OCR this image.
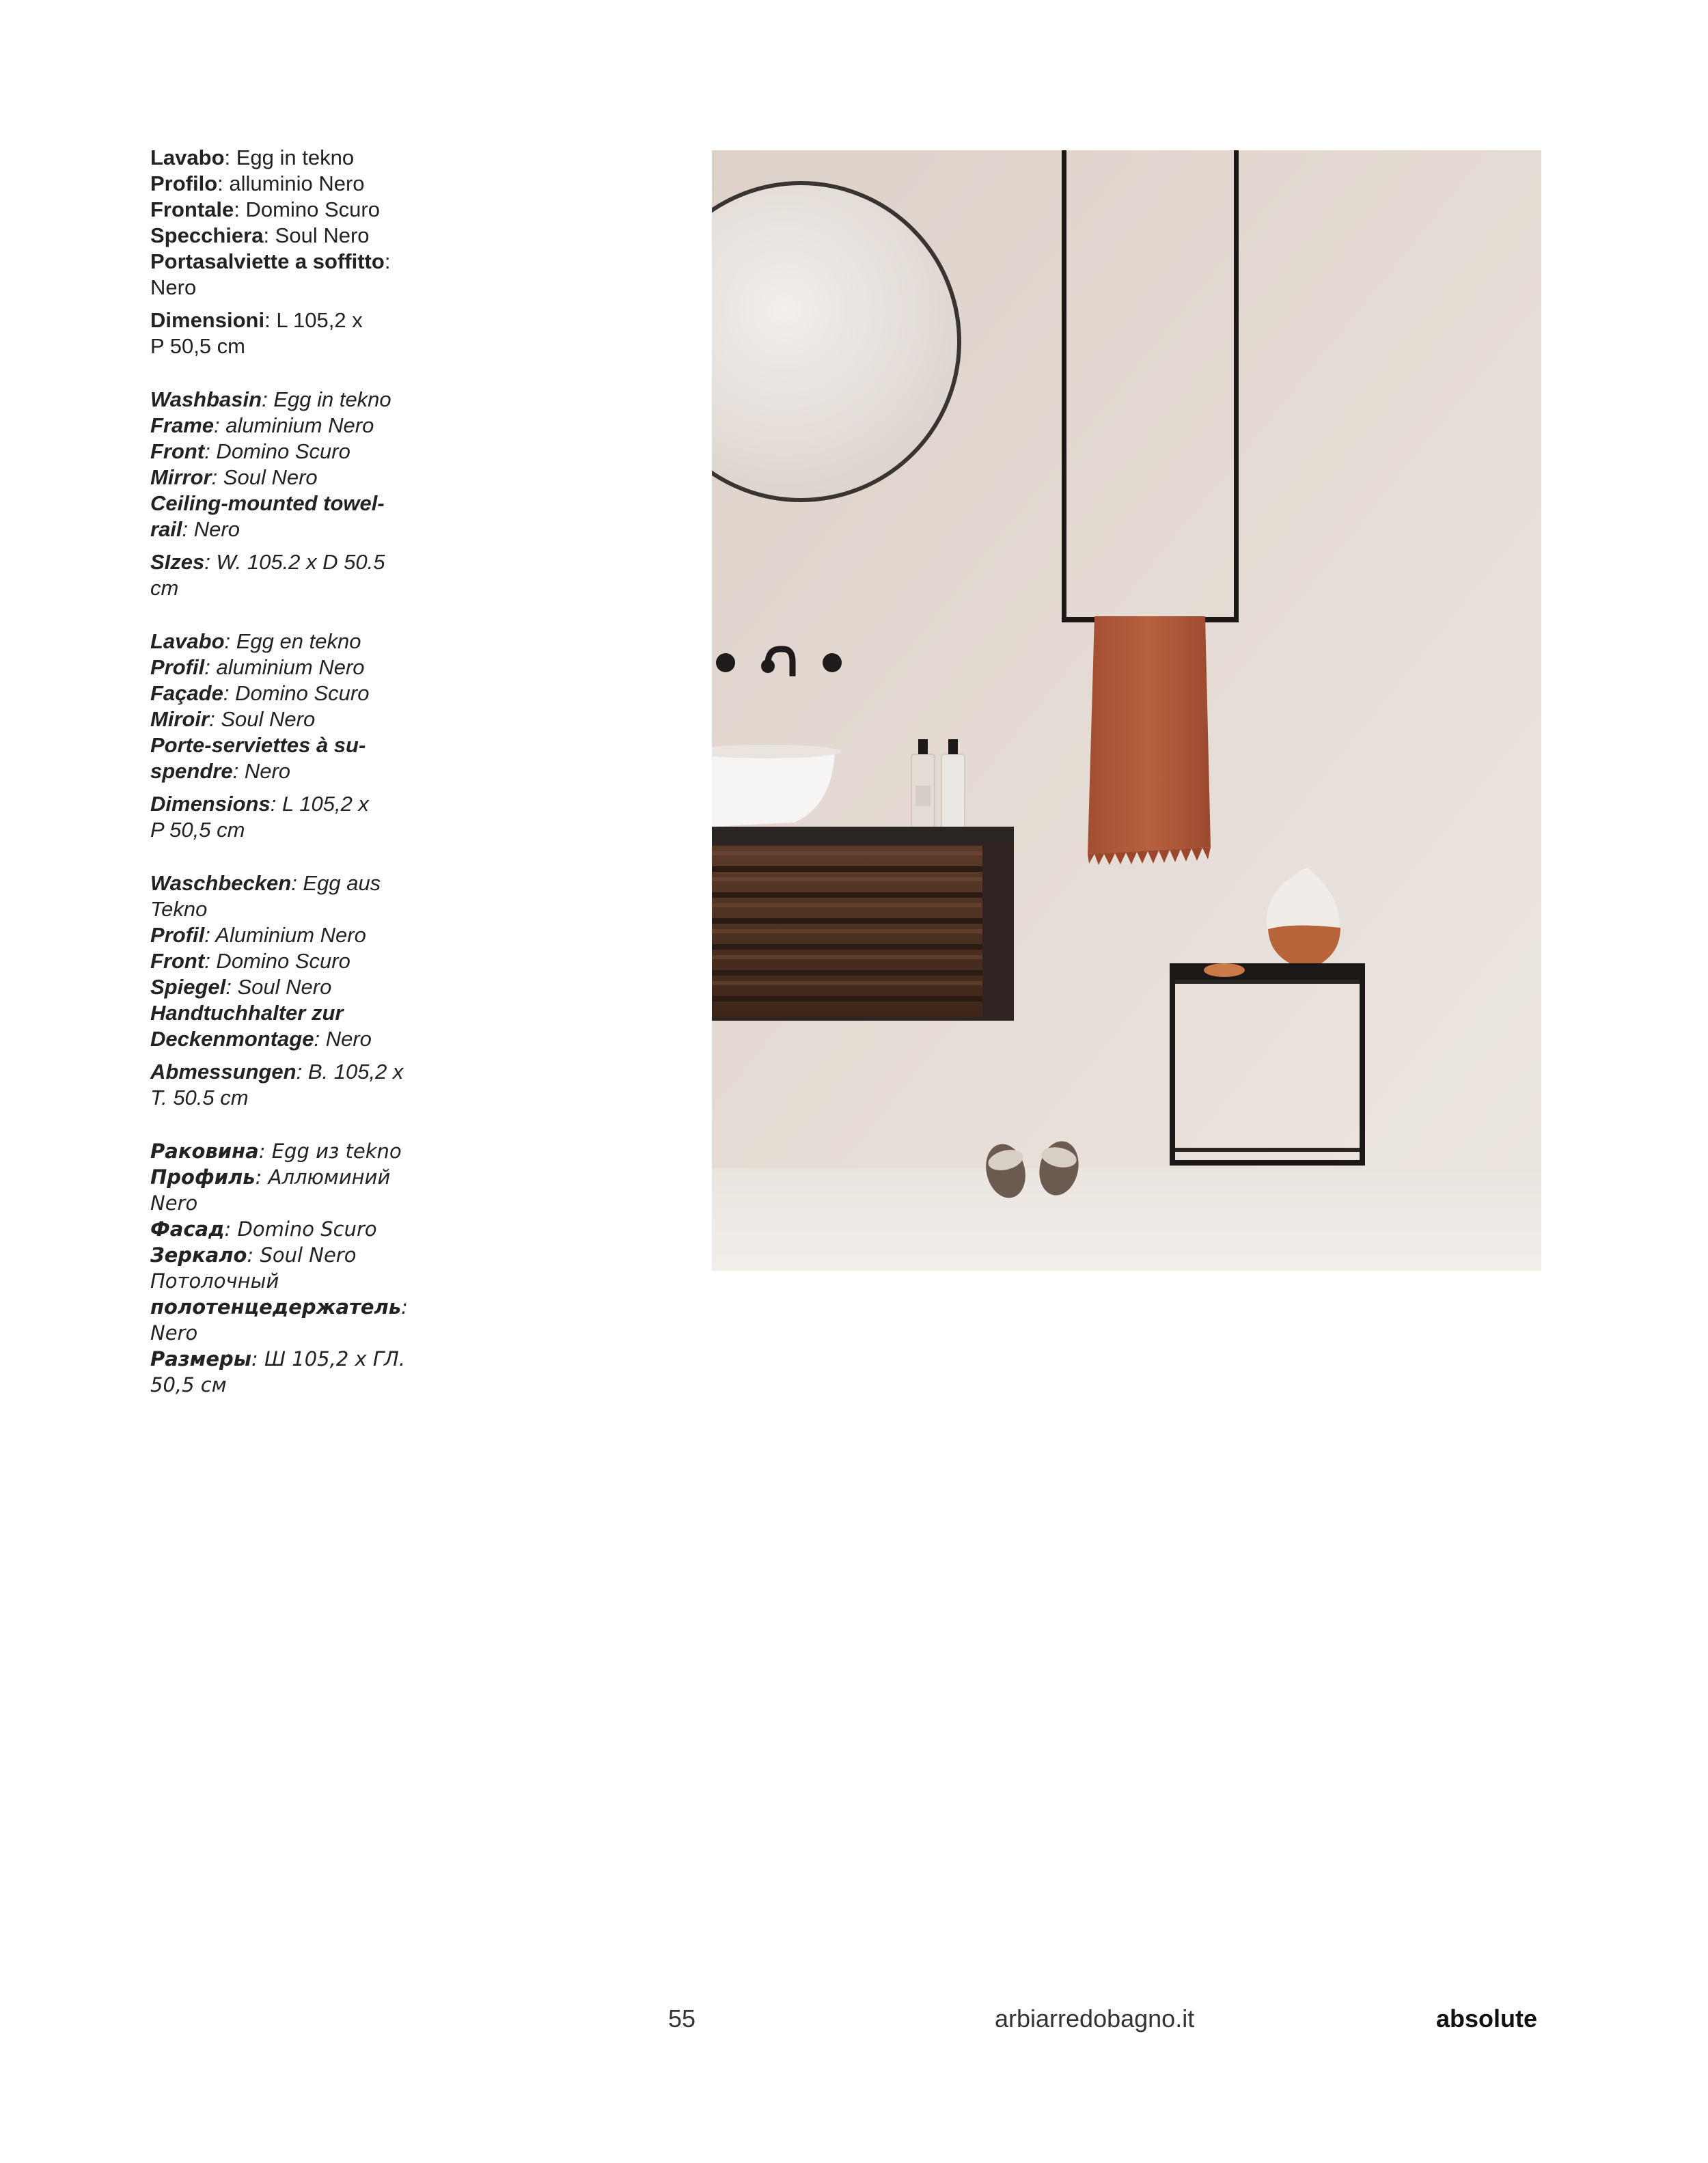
Lavabo: Egg in tekno
Profilo: alluminio Nero
Frontale: Domino Scuro
Specchiera: Soul Nero
Portasalviette a soffitto:
Nero
Dimensioni: L 105,2 x
P 50,5 cm
Washbasin: Egg in tekno
Frame: aluminium Nero
Front: Domino Scuro
Mirror: Soul Nero
Ceiling-mounted towel-
rail: Nero
SIzes: W. 105.2 x D 50.5
cm
Lavabo: Egg en tekno
Profil: aluminium Nero
Façade: Domino Scuro
Miroir: Soul Nero
Porte-serviettes à su-
spendre: Nero
Dimensions: L 105,2 x
P 50,5 cm
Waschbecken: Egg aus
Tekno
Profil: Aluminium Nero
Front: Domino Scuro
Spiegel: Soul Nero
Handtuchhalter zur
Deckenmontage: Nero
Abmessungen: B. 105,2 x
T. 50.5 cm
Раковина: Egg из tekno
Профиль: Аллюминий
Nero
Фасад: Domino Scuro
Зеркало: Soul Nero
Потолочный
полотенцедержатель:
Nero
Размеры: Ш 105,2 х ГЛ.
50,5 см
55	arbiarredobagno.it	absolute
